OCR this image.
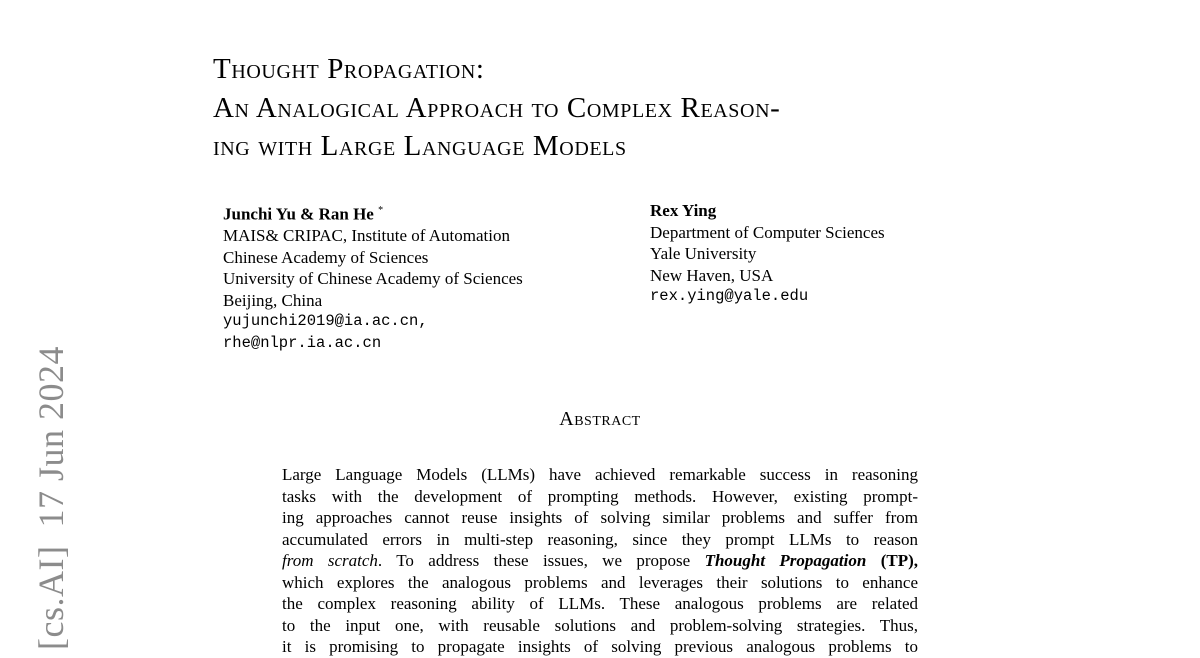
[cs.AI]17 Jun 2024
Thought Propagation:
An Analogical Approach to Complex Reason-
ing with Large Language Models
Junchi Yu & Ran He *
MAIS& CRIPAC, Institute of Automation
Chinese Academy of Sciences
University of Chinese Academy of Sciences
Beijing, China
yujunchi2019@ia.ac.cn,
rhe@nlpr.ia.ac.cn
Rex Ying
Department of Computer Sciences
Yale University
New Haven, USA
rex.ying@yale.edu
Abstract
Large Language Models (LLMs) have achieved remarkable success in reasoning
tasks with the development of prompting methods. However, existing prompt-
ing approaches cannot reuse insights of solving similar problems and suffer from
accumulated errors in multi-step reasoning, since they prompt LLMs to reason
from scratch. To address these issues, we propose Thought Propagation (TP),
which explores the analogous problems and leverages their solutions to enhance
the complex reasoning ability of LLMs. These analogous problems are related
to the input one, with reusable solutions and problem-solving strategies. Thus,
it is promising to propagate insights of solving previous analogous problems to
